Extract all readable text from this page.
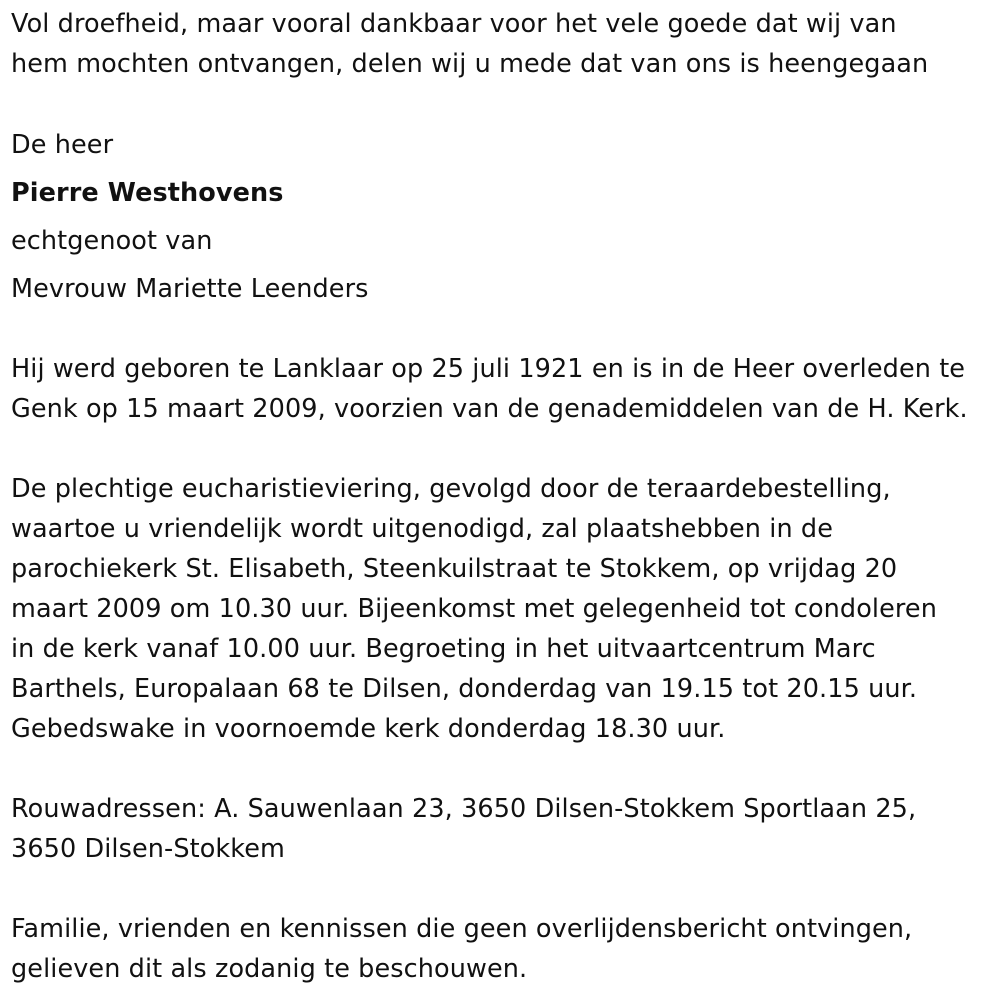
Vol droefheid, maar vooral dankbaar voor het vele goede dat wij van
hem mochten ontvangen, delen wij u mede dat van ons is heengegaan
De heer
Pierre Westhovens
echtgenoot van
Mevrouw Mariette Leenders
Hij werd geboren te Lanklaar op 25 juli 1921 en is in de Heer overleden te
Genk op 15 maart 2009, voorzien van de genademiddelen van de H. Kerk.
De plechtige eucharistieviering, gevolgd door de teraardebestelling,
waartoe u vriendelijk wordt uitgenodigd, zal plaatshebben in de
parochiekerk St. Elisabeth, Steenkuilstraat te Stokkem, op vrijdag 20
maart 2009 om 10.30 uur. Bijeenkomst met gelegenheid tot condoleren
in de kerk vanaf 10.00 uur. Begroeting in het uitvaartcentrum Marc
Barthels, Europalaan 68 te Dilsen, donderdag van 19.15 tot 20.15 uur.
Gebedswake in voornoemde kerk donderdag 18.30 uur.
Rouwadressen: A. Sauwenlaan 23, 3650 Dilsen-Stokkem Sportlaan 25,
3650 Dilsen-Stokkem
Familie, vrienden en kennissen die geen overlijdensbericht ontvingen,
gelieven dit als zodanig te beschouwen.
